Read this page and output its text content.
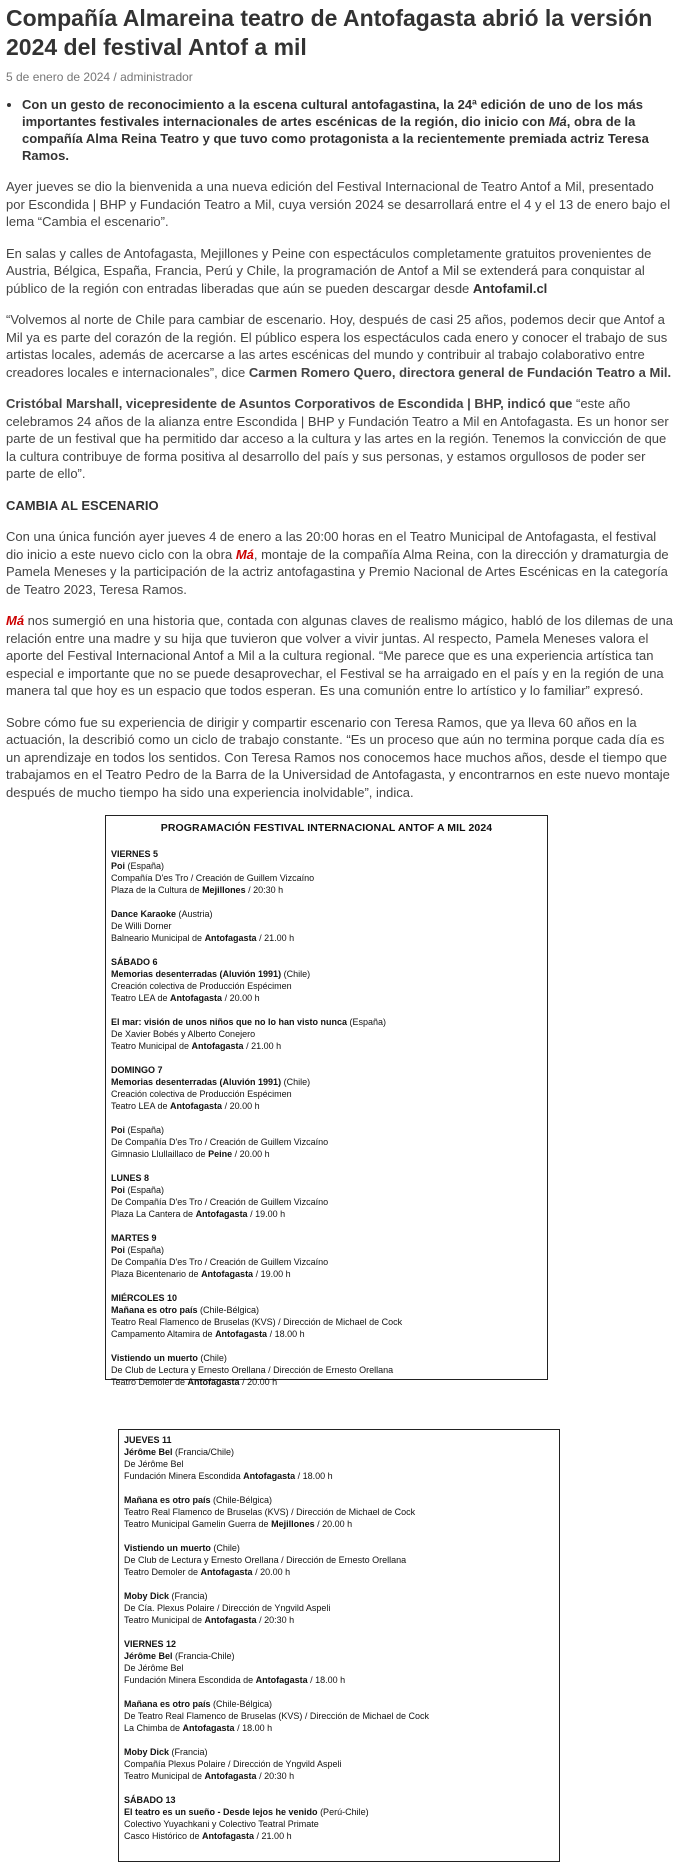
Compañía Almareina teatro de Antofagasta abrió la versión 2024 del festival Antof a mil
5 de enero de 2024 / administrador
• Con un gesto de reconocimiento a la escena cultural antofagastina, la 24ª edición de uno de los más importantes festivales internacionales de artes escénicas de la región, dio inicio con Má, obra de la compañía Alma Reina Teatro y que tuvo como protagonista a la recientemente premiada actriz Teresa Ramos.

Ayer jueves se dio la bienvenida a una nueva edición del Festival Internacional de Teatro Antof a Mil, presentado por Escondida | BHP y Fundación Teatro a Mil, cuya versión 2024 se desarrollará entre el 4 y el 13 de enero bajo el lema “Cambia el escenario”.

En salas y calles de Antofagasta, Mejillones y Peine con espectáculos completamente gratuitos provenientes de Austria, Bélgica, España, Francia, Perú y Chile, la programación de Antof a Mil se extenderá para conquistar al público de la región con entradas liberadas que aún se pueden descargar desde Antofamil.cl

“Volvemos al norte de Chile para cambiar de escenario. Hoy, después de casi 25 años, podemos decir que Antof a Mil ya es parte del corazón de la región. El público espera los espectáculos cada enero y conocer el trabajo de sus artistas locales, además de acercarse a las artes escénicas del mundo y contribuir al trabajo colaborativo entre creadores locales e internacionales”, dice Carmen Romero Quero, directora general de Fundación Teatro a Mil.

Cristóbal Marshall, vicepresidente de Asuntos Corporativos de Escondida | BHP, indicó que “este año celebramos 24 años de la alianza entre Escondida | BHP y Fundación Teatro a Mil en Antofagasta. Es un honor ser parte de un festival que ha permitido dar acceso a la cultura y las artes en la región. Tenemos la convicción de que la cultura contribuye de forma positiva al desarrollo del país y sus personas, y estamos orgullosos de poder ser parte de ello”.

CAMBIA AL ESCENARIO

Con una única función ayer jueves 4 de enero a las 20:00 horas en el Teatro Municipal de Antofagasta, el festival dio inicio a este nuevo ciclo con la obra Má, montaje de la compañía Alma Reina, con la dirección y dramaturgia de Pamela Meneses y la participación de la actriz antofagastina y Premio Nacional de Artes Escénicas en la categoría de Teatro 2023, Teresa Ramos.

Má nos sumergió en una historia que, contada con algunas claves de realismo mágico, habló de los dilemas de una relación entre una madre y su hija que tuvieron que volver a vivir juntas. Al respecto, Pamela Meneses valora el aporte del Festival Internacional Antof a Mil a la cultura regional. “Me parece que es una experiencia artística tan especial e importante que no se puede desaprovechar, el Festival se ha arraigado en el país y en la región de una manera tal que hoy es un espacio que todos esperan. Es una comunión entre lo artístico y lo familiar” expresó.

Sobre cómo fue su experiencia de dirigir y compartir escenario con Teresa Ramos, que ya lleva 60 años en la actuación, la describió como un ciclo de trabajo constante. “Es un proceso que aún no termina porque cada día es un aprendizaje en todos los sentidos. Con Teresa Ramos nos conocemos hace muchos años, desde el tiempo que trabajamos en el Teatro Pedro de la Barra de la Universidad de Antofagasta, y encontrarnos en este nuevo montaje después de mucho tiempo ha sido una experiencia inolvidable”, indica.

PROGRAMACIÓN FESTIVAL INTERNACIONAL ANTOF A MIL 2024
VIERNES 5
Poi (España)
Compañía D'es Tro / Creación de Guillem Vizcaíno
Plaza de la Cultura de Mejillones / 20:30 h
Dance Karaoke (Austria)
De Willi Dorner
Balneario Municipal de Antofagasta / 21.00 h
SÁBADO 6
Memorias desenterradas (Aluvión 1991) (Chile)
Creación colectiva de Producción Espécimen
Teatro LEA de Antofagasta / 20.00 h
El mar: visión de unos niños que no lo han visto nunca (España)
De Xavier Bobés y Alberto Conejero
Teatro Municipal de Antofagasta / 21.00 h
DOMINGO 7
Memorias desenterradas (Aluvión 1991) (Chile)
Creación colectiva de Producción Espécimen
Teatro LEA de Antofagasta / 20.00 h
Poi (España)
De Compañía D'es Tro / Creación de Guillem Vizcaíno
Gimnasio Llullaillaco de Peine / 20.00 h
LUNES 8
Poi (España)
De Compañía D'es Tro / Creación de Guillem Vizcaíno
Plaza La Cantera de Antofagasta / 19.00 h
MARTES 9
Poi (España)
De Compañía D'es Tro / Creación de Guillem Vizcaíno
Plaza Bicentenario de Antofagasta / 19.00 h
MIÉRCOLES 10
Mañana es otro país (Chile-Bélgica)
Teatro Real Flamenco de Bruselas (KVS) / Dirección de Michael de Cock
Campamento Altamira de Antofagasta / 18.00 h
Vistiendo un muerto (Chile)
De Club de Lectura y Ernesto Orellana / Dirección de Ernesto Orellana
Teatro Demoler de Antofagasta / 20.00 h
JUEVES 11
Jérôme Bel (Francia/Chile)
De Jérôme Bel
Fundación Minera Escondida Antofagasta / 18.00 h
Mañana es otro país (Chile-Bélgica)
Teatro Real Flamenco de Bruselas (KVS) / Dirección de Michael de Cock
Teatro Municipal Gamelin Guerra de Mejillones / 20.00 h
Vistiendo un muerto (Chile)
De Club de Lectura y Ernesto Orellana / Dirección de Ernesto Orellana
Teatro Demoler de Antofagasta / 20.00 h
Moby Dick (Francia)
De Cía. Plexus Polaire / Dirección de Yngvild Aspeli
Teatro Municipal de Antofagasta / 20:30 h
VIERNES 12
Jérôme Bel (Francia-Chile)
De Jérôme Bel
Fundación Minera Escondida de Antofagasta / 18.00 h
Mañana es otro país (Chile-Bélgica)
De Teatro Real Flamenco de Bruselas (KVS) / Dirección de Michael de Cock
La Chimba de Antofagasta / 18.00 h
Moby Dick (Francia)
Compañía Plexus Polaire / Dirección de Yngvild Aspeli
Teatro Municipal de Antofagasta / 20:30 h
SÁBADO 13
El teatro es un sueño - Desde lejos he venido (Perú-Chile)
Colectivo Yuyachkani y Colectivo Teatral Primate
Casco Histórico de Antofagasta / 21.00 h
